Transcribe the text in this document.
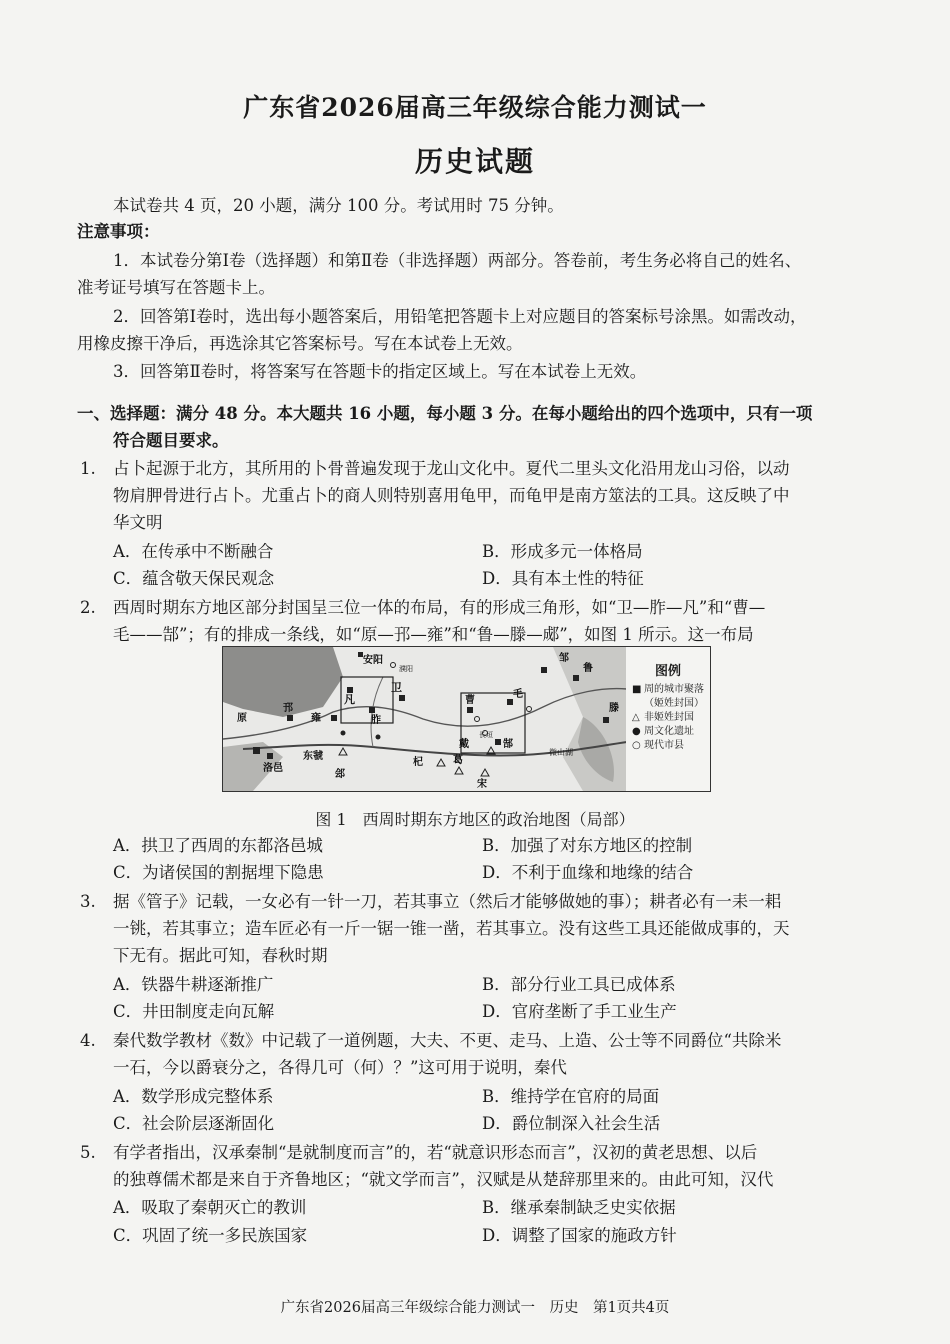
广东省2026届高三年级综合能力测试一
历史试题
本试卷共 4 页，20 小题，满分 100 分。考试用时 75 分钟。
注意事项：
1．本试卷分第Ⅰ卷（选择题）和第Ⅱ卷（非选择题）两部分。答卷前，考生务必将自己的姓名、
准考证号填写在答题卡上。
2．回答第Ⅰ卷时，选出每小题答案后，用铅笔把答题卡上对应题目的答案标号涂黑。如需改动，
用橡皮擦干净后，再选涂其它答案标号。写在本试卷上无效。
3．回答第Ⅱ卷时，将答案写在答题卡的指定区域上。写在本试卷上无效。
一、选择题：满分 48 分。本大题共 16 小题，每小题 3 分。在每小题给出的四个选项中，只有一项
符合题目要求。
1. 占卜起源于北方，其所用的卜骨普遍发现于龙山文化中。夏代二里头文化沿用龙山习俗，以动
物肩胛骨进行占卜。尤重占卜的商人则特别喜用龟甲，而龟甲是南方筮法的工具。这反映了中
华文明
A．在传承中不断融合	B．形成多元一体格局
C．蕴含敬天保民观念	D．具有本土性的特征
2. 西周时期东方地区部分封国呈三位一体的布局，有的形成三角形，如“卫—胙—凡”和“曹—
毛——郜”；有的排成一条线，如“原—邘—雍”和“鲁—滕—郕”，如图 1 所示。这一布局
安阳
凡
胙
卫
曹
毛
郜
邹
鲁
滕
原
邘
雍
洛邑
东虢
郐
杞	葛
宋
戴
微山湖
长垣
濮阳	图例
■ 周的城市聚落
（姬姓封国）
△ 非姬姓封国
● 周文化遗址
○ 现代市县
图 1　西周时期东方地区的政治地图（局部）
A．拱卫了西周的东都洛邑城	B．加强了对东方地区的控制
C．为诸侯国的割据埋下隐患	D．不利于血缘和地缘的结合
3. 据《管子》记载，一女必有一针一刀，若其事立（然后才能够做她的事）；耕者必有一耒一耜
一铫，若其事立；造车匠必有一斤一锯一锥一凿，若其事立。没有这些工具还能做成事的，天
下无有。据此可知，春秋时期
A．铁器牛耕逐渐推广	B．部分行业工具已成体系
C．井田制度走向瓦解	D．官府垄断了手工业生产
4. 秦代数学教材《数》中记载了一道例题，大夫、不更、走马、上造、公士等不同爵位“共除米
一石，今以爵衰分之，各得几可（何）？”这可用于说明，秦代
A．数学形成完整体系	B．维持学在官府的局面
C．社会阶层逐渐固化	D．爵位制深入社会生活
5. 有学者指出，汉承秦制“是就制度而言”的，若“就意识形态而言”，汉初的黄老思想、以后
的独尊儒术都是来自于齐鲁地区；“就文学而言”，汉赋是从楚辞那里来的。由此可知，汉代
A．吸取了秦朝灭亡的教训	B．继承秦制缺乏史实依据
C．巩固了统一多民族国家	D．调整了国家的施政方针
广东省2026届高三年级综合能力测试一　历史　第1页共4页
